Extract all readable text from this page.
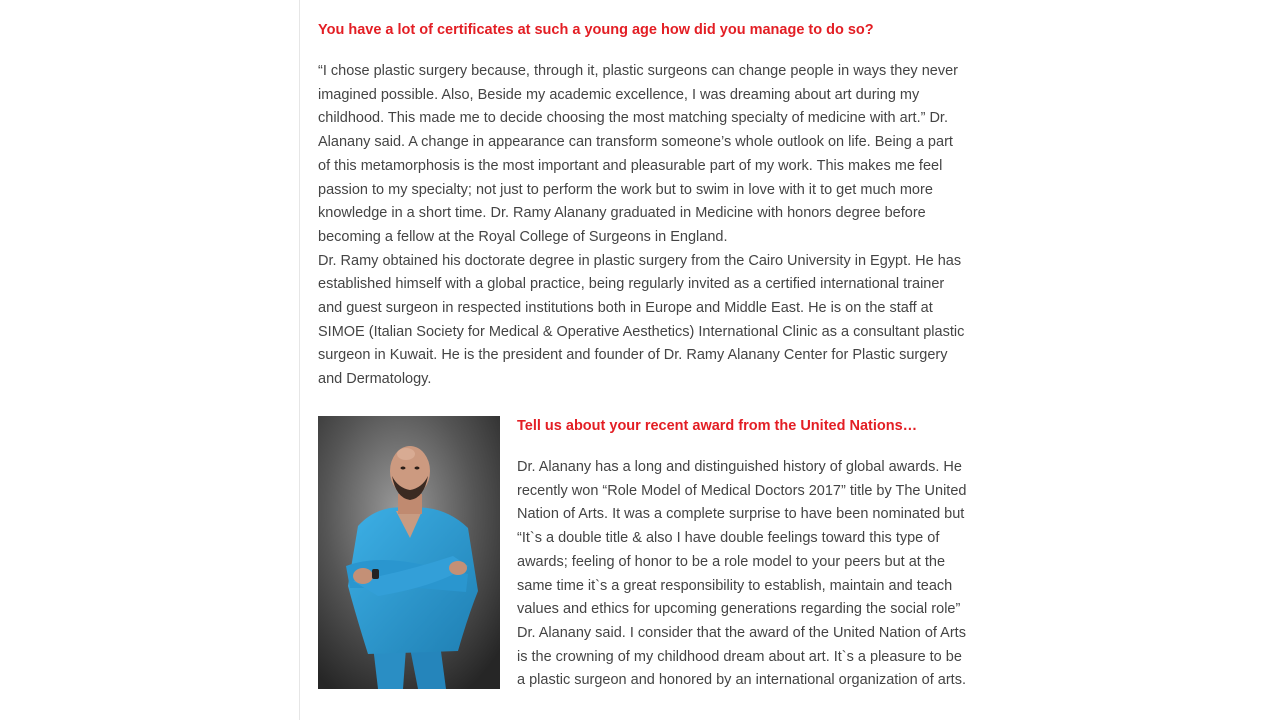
You have a lot of certificates at such a young age how did you manage to do so?

“I chose plastic surgery because, through it, plastic surgeons can change people in ways they never imagined possible. Also, Beside my academic excellence, I was dreaming about art during my childhood. This made me to decide choosing the most matching specialty of medicine with art.” Dr. Alanany said. A change in appearance can transform someone’s whole outlook on life. Being a part of this metamorphosis is the most important and pleasurable part of my work. This makes me feel passion to my specialty; not just to perform the work but to swim in love with it to get much more knowledge in a short time. Dr. Ramy Alanany graduated in Medicine with honors degree before becoming a fellow at the Royal College of Surgeons in England.

Dr. Ramy obtained his doctorate degree in plastic surgery from the Cairo University in Egypt. He has established himself with a global practice, being regularly invited as a certified international trainer and guest surgeon in respected institutions both in Europe and Middle East. He is on the staff at SIMOE (Italian Society for Medical & Operative Aesthetics) International Clinic as a consultant plastic surgeon in Kuwait. He is the president and founder of Dr. Ramy Alanany Center for Plastic surgery and Dermatology.

Tell us about your recent award from the United Nations…

Dr. Alanany has a long and distinguished history of global awards. He recently won “Role Model of Medical Doctors 2017” title by The United Nation of Arts. It was a complete surprise to have been nominated but “It`s a double title & also I have double feelings toward this type of awards; feeling of honor to be a role model to your peers but at the same time it`s a great responsibility to establish, maintain and teach values and ethics for upcoming generations regarding the social role” Dr. Alanany said. I consider that the award of the United Nation of Arts is the crowning of my childhood dream about art. It`s a pleasure to be a plastic surgeon and honored by an international organization of arts.
